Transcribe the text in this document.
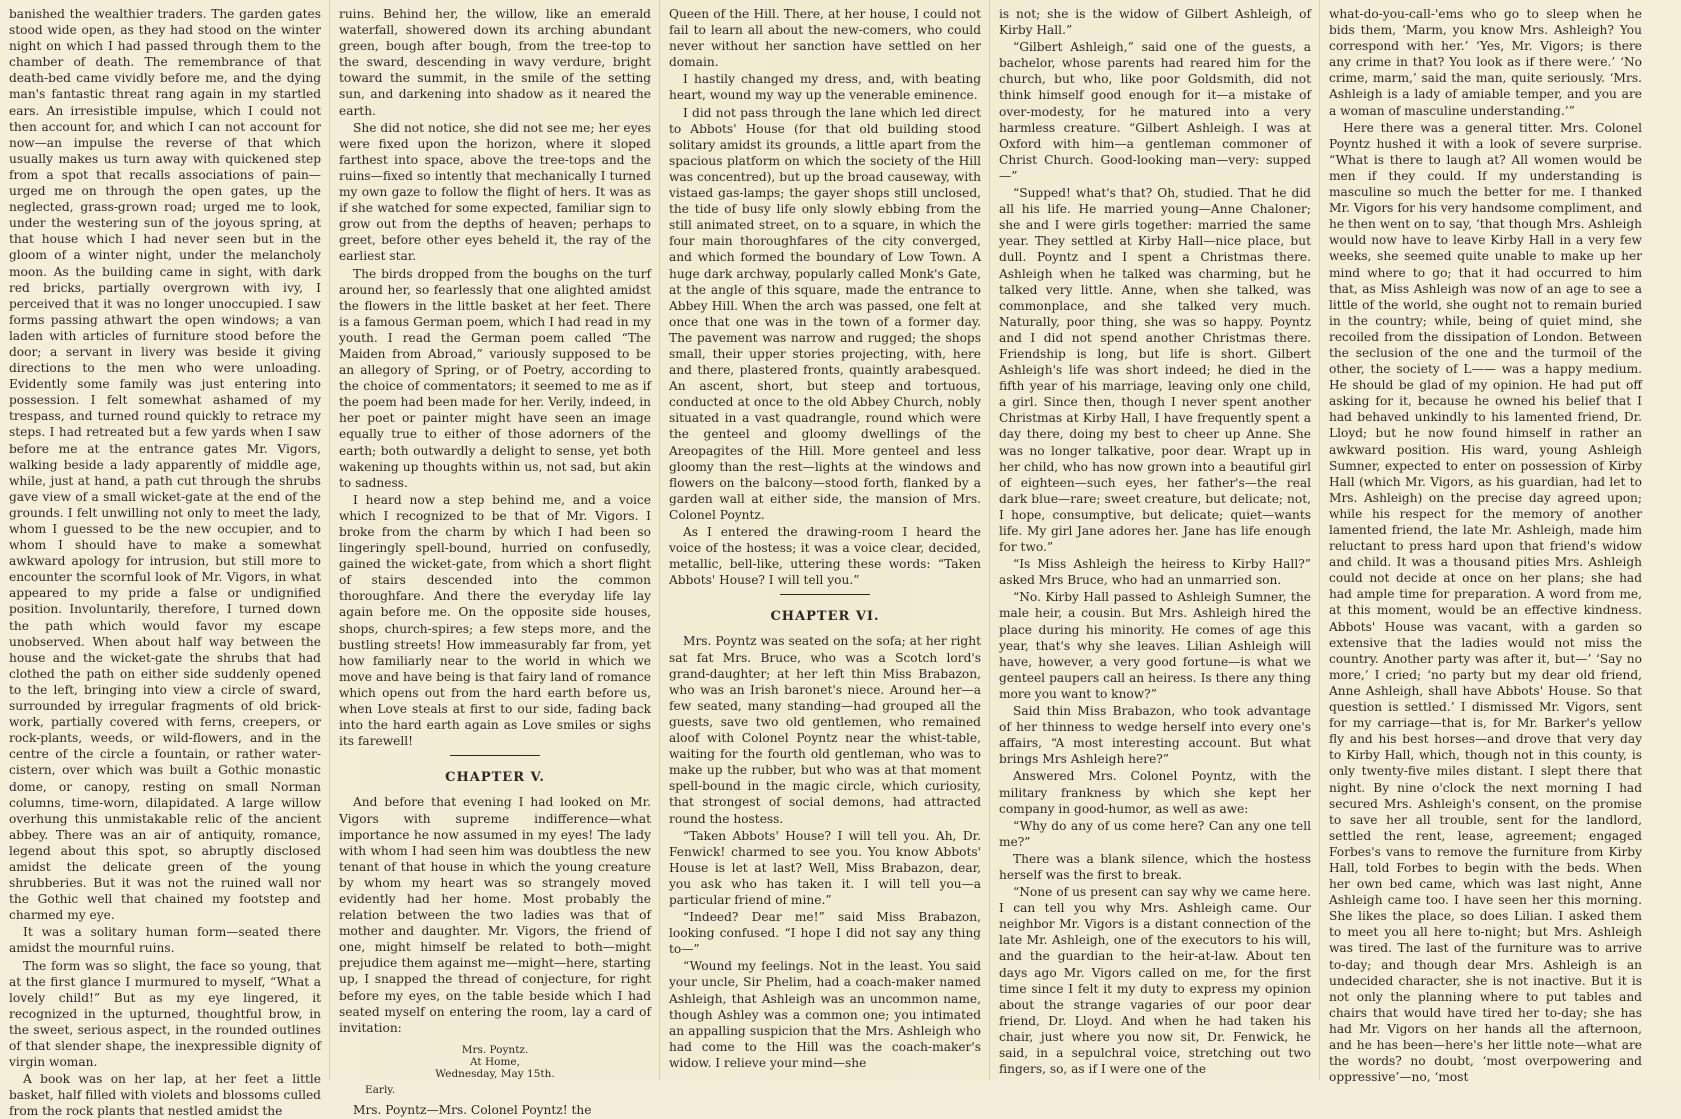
banished the wealthier traders. The garden gates stood wide open, as they had stood on the winter night on which I had passed through them to the chamber of death. The remembrance of that death-bed came vividly before me, and the dying man's fantastic threat rang again in my startled ears. An irresistible impulse, which I could not then account for, and which I can not account for now—an impulse the reverse of that which usually makes us turn away with quickened step from a spot that recalls associations of pain—urged me on through the open gates, up the neglected, grass-grown road; urged me to look, under the westering sun of the joyous spring, at that house which I had never seen but in the gloom of a winter night, under the melancholy moon. As the building came in sight, with dark red bricks, partially overgrown with ivy, I perceived that it was no longer unoccupied. I saw forms passing athwart the open windows; a van laden with articles of furniture stood before the door; a servant in livery was beside it giving directions to the men who were unloading. Evidently some family was just entering into possession. I felt somewhat ashamed of my trespass, and turned round quickly to retrace my steps. I had retreated but a few yards when I saw before me at the entrance gates Mr. Vigors, walking beside a lady apparently of middle age, while, just at hand, a path cut through the shrubs gave view of a small wicket-gate at the end of the grounds. I felt unwilling not only to meet the lady, whom I guessed to be the new occupier, and to whom I should have to make a somewhat awkward apology for intrusion, but still more to encounter the scornful look of Mr. Vigors, in what appeared to my pride a false or undignified position. Involuntarily, therefore, I turned down the path which would favor my escape unobserved. When about half way between the house and the wicket-gate the shrubs that had clothed the path on either side suddenly opened to the left, bringing into view a circle of sward, surrounded by irregular fragments of old brick-work, partially covered with ferns, creepers, or rock-plants, weeds, or wild-flowers, and in the centre of the circle a fountain, or rather water-cistern, over which was built a Gothic monastic dome, or canopy, resting on small Norman columns, time-worn, dilapidated. A large willow overhung this unmistakable relic of the ancient abbey. There was an air of antiquity, romance, legend about this spot, so abruptly disclosed amidst the delicate green of the young shrubberies. But it was not the ruined wall nor the Gothic well that chained my footstep and charmed my eye.
It was a solitary human form—seated there amidst the mournful ruins.
The form was so slight, the face so young, that at the first glance I murmured to myself, “What a lovely child!” But as my eye lingered, it recognized in the upturned, thoughtful brow, in the sweet, serious aspect, in the rounded outlines of that slender shape, the inexpressible dignity of virgin woman.
A book was on her lap, at her feet a little basket, half filled with violets and blossoms culled from the rock plants that nestled amidst the
ruins. Behind her, the willow, like an emerald waterfall, showered down its arching abundant green, bough after bough, from the tree-top to the sward, descending in wavy verdure, bright toward the summit, in the smile of the setting sun, and darkening into shadow as it neared the earth.
She did not notice, she did not see me; her eyes were fixed upon the horizon, where it sloped farthest into space, above the tree-tops and the ruins—fixed so intently that mechanically I turned my own gaze to follow the flight of hers. It was as if she watched for some expected, familiar sign to grow out from the depths of heaven; perhaps to greet, before other eyes beheld it, the ray of the earliest star.
The birds dropped from the boughs on the turf around her, so fearlessly that one alighted amidst the flowers in the little basket at her feet. There is a famous German poem, which I had read in my youth. I read the German poem called “The Maiden from Abroad,” variously supposed to be an allegory of Spring, or of Poetry, according to the choice of commentators; it seemed to me as if the poem had been made for her. Verily, indeed, in her poet or painter might have seen an image equally true to either of those adorners of the earth; both outwardly a delight to sense, yet both wakening up thoughts within us, not sad, but akin to sadness.
I heard now a step behind me, and a voice which I recognized to be that of Mr. Vigors. I broke from the charm by which I had been so lingeringly spell-bound, hurried on confusedly, gained the wicket-gate, from which a short flight of stairs descended into the common thoroughfare. And there the everyday life lay again before me. On the opposite side houses, shops, church-spires; a few steps more, and the bustling streets! How immeasurably far from, yet how familiarly near to the world in which we move and have being is that fairy land of romance which opens out from the hard earth before us, when Love steals at first to our side, fading back into the hard earth again as Love smiles or sighs its farewell!
CHAPTER V.
And before that evening I had looked on Mr. Vigors with supreme indifference—what importance he now assumed in my eyes! The lady with whom I had seen him was doubtless the new tenant of that house in which the young creature by whom my heart was so strangely moved evidently had her home. Most probably the relation between the two ladies was that of mother and daughter. Mr. Vigors, the friend of one, might himself be related to both—might prejudice them against me—might—here, starting up, I snapped the thread of conjecture, for right before my eyes, on the table beside which I had seated myself on entering the room, lay a card of invitation:
Mrs. Poyntz.
At Home,
Wednesday, May 15th.
Early.
Mrs. Poyntz—Mrs. Colonel Poyntz! the
Queen of the Hill. There, at her house, I could not fail to learn all about the new-comers, who could never without her sanction have settled on her domain.
I hastily changed my dress, and, with beating heart, wound my way up the venerable eminence.
I did not pass through the lane which led direct to Abbots' House (for that old building stood solitary amidst its grounds, a little apart from the spacious platform on which the society of the Hill was concentred), but up the broad causeway, with vistaed gas-lamps; the gayer shops still unclosed, the tide of busy life only slowly ebbing from the still animated street, on to a square, in which the four main thoroughfares of the city converged, and which formed the boundary of Low Town. A huge dark archway, popularly called Monk's Gate, at the angle of this square, made the entrance to Abbey Hill. When the arch was passed, one felt at once that one was in the town of a former day. The pavement was narrow and rugged; the shops small, their upper stories projecting, with, here and there, plastered fronts, quaintly arabesqued. An ascent, short, but steep and tortuous, conducted at once to the old Abbey Church, nobly situated in a vast quadrangle, round which were the genteel and gloomy dwellings of the Areopagites of the Hill. More genteel and less gloomy than the rest—lights at the windows and flowers on the balcony—stood forth, flanked by a garden wall at either side, the mansion of Mrs. Colonel Poyntz.
As I entered the drawing-room I heard the voice of the hostess; it was a voice clear, decided, metallic, bell-like, uttering these words: “Taken Abbots' House? I will tell you.”
CHAPTER VI.
Mrs. Poyntz was seated on the sofa; at her right sat fat Mrs. Bruce, who was a Scotch lord's grand-daughter; at her left thin Miss Brabazon, who was an Irish baronet's niece. Around her—a few seated, many standing—had grouped all the guests, save two old gentlemen, who remained aloof with Colonel Poyntz near the whist-table, waiting for the fourth old gentleman, who was to make up the rubber, but who was at that moment spell-bound in the magic circle, which curiosity, that strongest of social demons, had attracted round the hostess.
“Taken Abbots' House? I will tell you. Ah, Dr. Fenwick! charmed to see you. You know Abbots' House is let at last? Well, Miss Brabazon, dear, you ask who has taken it. I will tell you—a particular friend of mine.”
“Indeed? Dear me!” said Miss Brabazon, looking confused. “I hope I did not say any thing to—”
“Wound my feelings. Not in the least. You said your uncle, Sir Phelim, had a coach-maker named Ashleigh, that Ashleigh was an uncommon name, though Ashley was a common one; you intimated an appalling suspicion that the Mrs. Ashleigh who had come to the Hill was the coach-maker's widow. I relieve your mind—she
is not; she is the widow of Gilbert Ashleigh, of Kirby Hall.”
“Gilbert Ashleigh,” said one of the guests, a bachelor, whose parents had reared him for the church, but who, like poor Goldsmith, did not think himself good enough for it—a mistake of over-modesty, for he matured into a very harmless creature. “Gilbert Ashleigh. I was at Oxford with him—a gentleman commoner of Christ Church. Good-looking man—very: supped—”
“Supped! what's that? Oh, studied. That he did all his life. He married young—Anne Chaloner; she and I were girls together: married the same year. They settled at Kirby Hall—nice place, but dull. Poyntz and I spent a Christmas there. Ashleigh when he talked was charming, but he talked very little. Anne, when she talked, was commonplace, and she talked very much. Naturally, poor thing, she was so happy. Poyntz and I did not spend another Christmas there. Friendship is long, but life is short. Gilbert Ashleigh's life was short indeed; he died in the fifth year of his marriage, leaving only one child, a girl. Since then, though I never spent another Christmas at Kirby Hall, I have frequently spent a day there, doing my best to cheer up Anne. She was no longer talkative, poor dear. Wrapt up in her child, who has now grown into a beautiful girl of eighteen—such eyes, her father's—the real dark blue—rare; sweet creature, but delicate; not, I hope, consumptive, but delicate; quiet—wants life. My girl Jane adores her. Jane has life enough for two.”
“Is Miss Ashleigh the heiress to Kirby Hall?” asked Mrs Bruce, who had an unmarried son.
“No. Kirby Hall passed to Ashleigh Sumner, the male heir, a cousin. But Mrs. Ashleigh hired the place during his minority. He comes of age this year, that's why she leaves. Lilian Ashleigh will have, however, a very good fortune—is what we genteel paupers call an heiress. Is there any thing more you want to know?”
Said thin Miss Brabazon, who took advantage of her thinness to wedge herself into every one's affairs, “A most interesting account. But what brings Mrs Ashleigh here?”
Answered Mrs. Colonel Poyntz, with the military frankness by which she kept her company in good-humor, as well as awe:
“Why do any of us come here? Can any one tell me?”
There was a blank silence, which the hostess herself was the first to break.
“None of us present can say why we came here. I can tell you why Mrs. Ashleigh came. Our neighbor Mr. Vigors is a distant connection of the late Mr. Ashleigh, one of the executors to his will, and the guardian to the heir-at-law. About ten days ago Mr. Vigors called on me, for the first time since I felt it my duty to express my opinion about the strange vagaries of our poor dear friend, Dr. Lloyd. And when he had taken his chair, just where you now sit, Dr. Fenwick, he said, in a sepulchral voice, stretching out two fingers, so, as if I were one of the
what-do-you-call-'ems who go to sleep when he bids them, ‘Marm, you know Mrs. Ashleigh? You correspond with her.’ ‘Yes, Mr. Vigors; is there any crime in that? You look as if there were.’ ‘No crime, marm,’ said the man, quite seriously. ‘Mrs. Ashleigh is a lady of amiable temper, and you are a woman of masculine understanding.’”
Here there was a general titter. Mrs. Colonel Poyntz hushed it with a look of severe surprise. “What is there to laugh at? All women would be men if they could. If my understanding is masculine so much the better for me. I thanked Mr. Vigors for his very handsome compliment, and he then went on to say, ‘that though Mrs. Ashleigh would now have to leave Kirby Hall in a very few weeks, she seemed quite unable to make up her mind where to go; that it had occurred to him that, as Miss Ashleigh was now of an age to see a little of the world, she ought not to remain buried in the country; while, being of quiet mind, she recoiled from the dissipation of London. Between the seclusion of the one and the turmoil of the other, the society of L—— was a happy medium. He should be glad of my opinion. He had put off asking for it, because he owned his belief that I had behaved unkindly to his lamented friend, Dr. Lloyd; but he now found himself in rather an awkward position. His ward, young Ashleigh Sumner, expected to enter on possession of Kirby Hall (which Mr. Vigors, as his guardian, had let to Mrs. Ashleigh) on the precise day agreed upon; while his respect for the memory of another lamented friend, the late Mr. Ashleigh, made him reluctant to press hard upon that friend's widow and child. It was a thousand pities Mrs. Ashleigh could not decide at once on her plans; she had had ample time for preparation. A word from me, at this moment, would be an effective kindness. Abbots' House was vacant, with a garden so extensive that the ladies would not miss the country. Another party was after it, but—’ ‘Say no more,’ I cried; ‘no party but my dear old friend, Anne Ashleigh, shall have Abbots' House. So that question is settled.’ I dismissed Mr. Vigors, sent for my carriage—that is, for Mr. Barker's yellow fly and his best horses—and drove that very day to Kirby Hall, which, though not in this county, is only twenty-five miles distant. I slept there that night. By nine o'clock the next morning I had secured Mrs. Ashleigh's consent, on the promise to save her all trouble, sent for the landlord, settled the rent, lease, agreement; engaged Forbes's vans to remove the furniture from Kirby Hall, told Forbes to begin with the beds. When her own bed came, which was last night, Anne Ashleigh came too. I have seen her this morning. She likes the place, so does Lilian. I asked them to meet you all here to-night; but Mrs. Ashleigh was tired. The last of the furniture was to arrive to-day; and though dear Mrs. Ashleigh is an undecided character, she is not inactive. But it is not only the planning where to put tables and chairs that would have tired her to-day; she has had Mr. Vigors on her hands all the afternoon, and he has been—here's her little note—what are the words? no doubt, ‘most overpowering and oppressive’—no, ‘most
